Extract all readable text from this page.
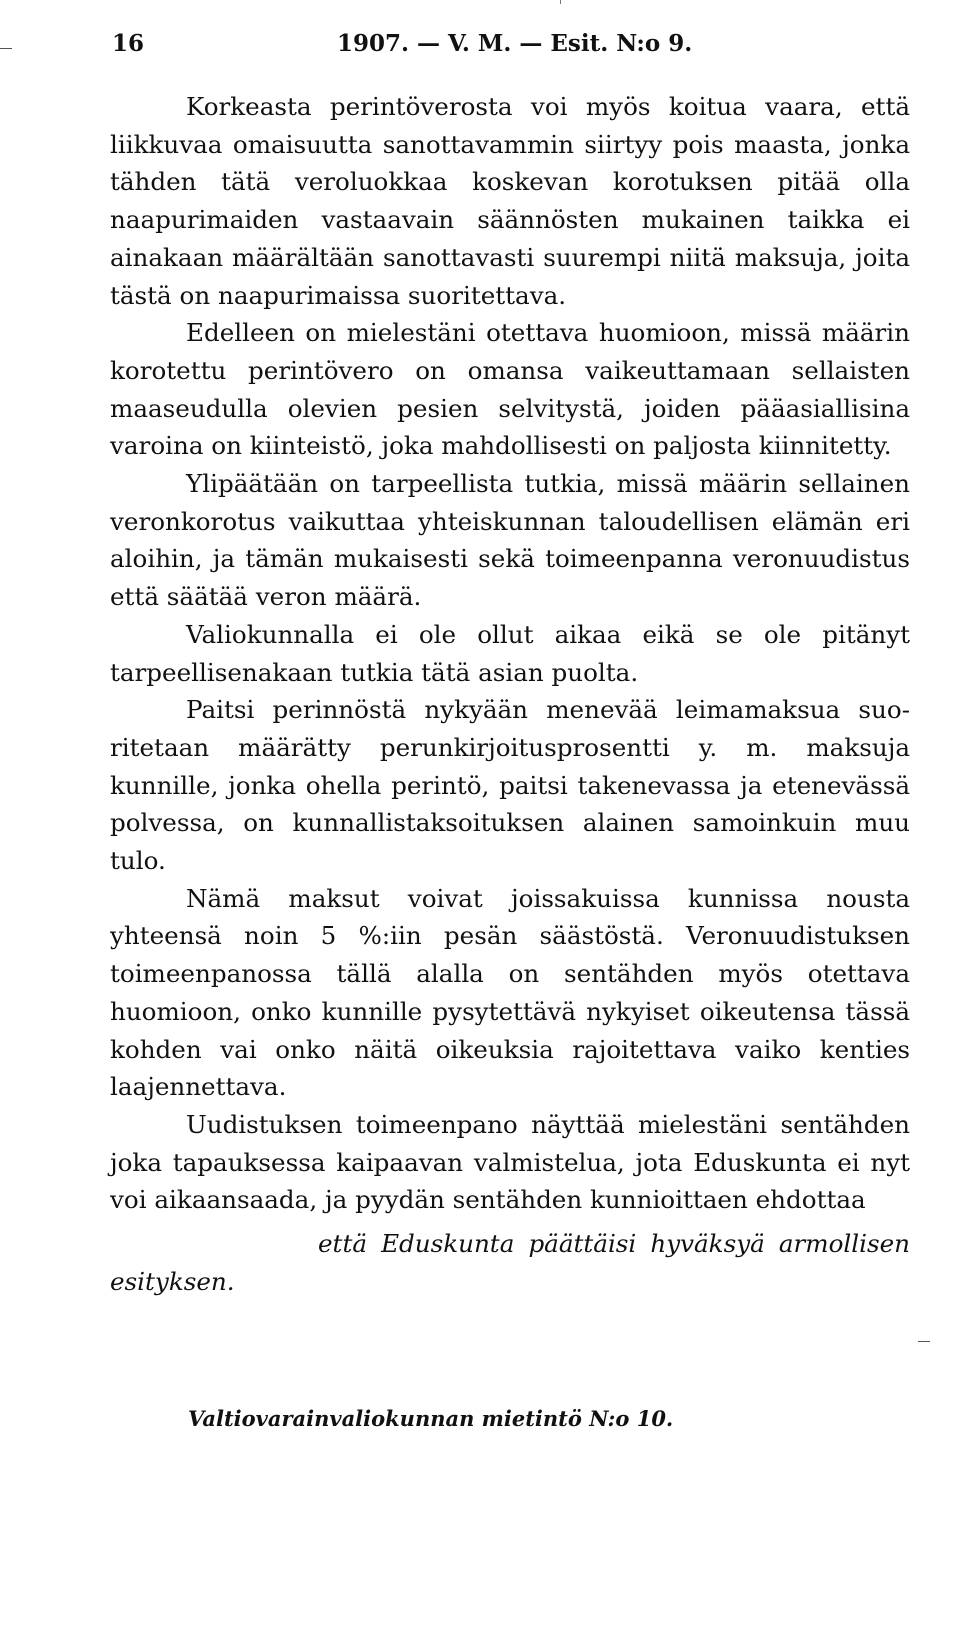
16	1907. — V. M. — Esit. N:o 9.

Korkeasta perintöverosta voi myös koitua vaara, että liikkuvaa omaisuutta sanottavammin siirtyy pois maasta, jonka tähden tätä veroluokkaa koskevan korotuksen pitää olla naapurimaiden vastaavain säännösten mukainen taikka ei ainakaan määrältään sanottavasti suurempi niitä maksuja, joita tästä on naapurimaissa suoritettava.

Edelleen on mielestäni otettava huomioon, missä määrin korotettu perintövero on omansa vaikeuttamaan sellaisten maaseudulla olevien pesien selvitystä, joiden pääasiallisina varoina on kiinteistö, joka mahdollisesti on paljosta kiinnitetty.

Ylipäätään on tarpeellista tutkia, missä määrin sellainen veronkorotus vaikuttaa yhteiskunnan taloudellisen elämän eri aloihin, ja tämän mukaisesti sekä toimeenpanna veronuudistus että säätää veron määrä.

Valiokunnalla ei ole ollut aikaa eikä se ole pitänyt tarpeellisenakaan tutkia tätä asian puolta.

Paitsi perinnöstä nykyään menevää leimamaksua suoritetaan määrätty perunkirjoitusprosentti y. m. maksuja kunnille, jonka ohella perintö, paitsi takenevassa ja etenevässä polvessa, on kunnallistaksoituksen alainen samoinkuin muu tulo.

Nämä maksut voivat joissakuissa kunnissa nousta yhteensä noin 5 %:iin pesän säästöstä. Veronuudistuksen toimeenpanossa tällä alalla on sentähden myös otettava huomioon, onko kunnille pysytettävä nykyiset oikeutensa tässä kohden vai onko näitä oikeuksia rajoitettava vaiko kenties laajennettava.

Uudistuksen toimeenpano näyttää mielestäni sentähden joka tapauksessa kaipaavan valmistelua, jota Eduskunta ei nyt voi aikaansaada, ja pyydän sentähden kunnioittaen ehdottaa

että Eduskunta päättäisi hyväksyä armollisen esityksen.

Valtiovarainvaliokunnan mietintö N:o 10.
